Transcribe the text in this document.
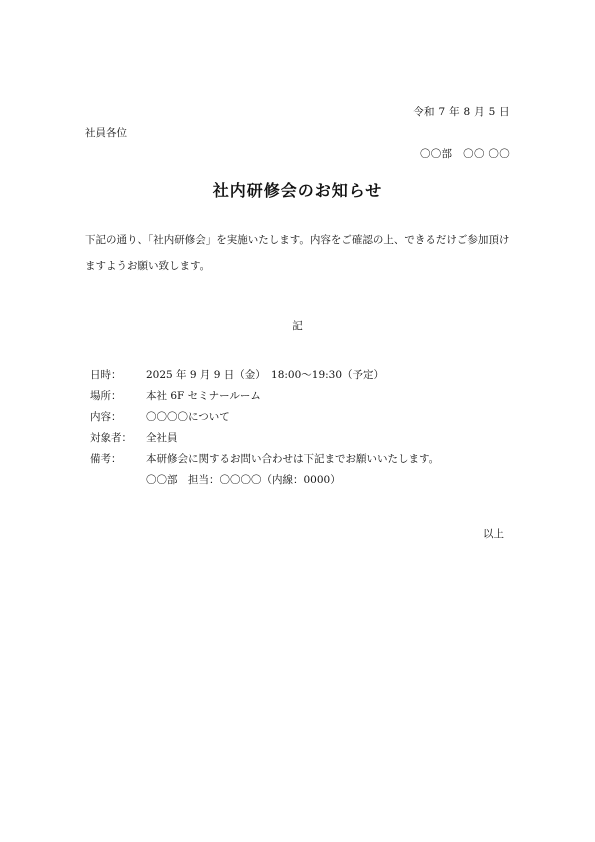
令和 7 年 8 月 5 日
社員各位
〇〇部　〇〇 〇〇
社内研修会のお知らせ
下記の通り、「社内研修会」を実施いたします。内容をご確認の上、できるだけご参加頂けますようお願い致します。
記
日時：	2025 年 9 月 9 日（金）　18:00～19:30（予定）
場所：	本社 6F セミナールーム
内容：	〇〇〇〇について
対象者：	全社員
備考：	本研修会に関するお問い合わせは下記までお願いいたします。
〇〇部　担当：〇〇〇〇（内線：0000）
以上
